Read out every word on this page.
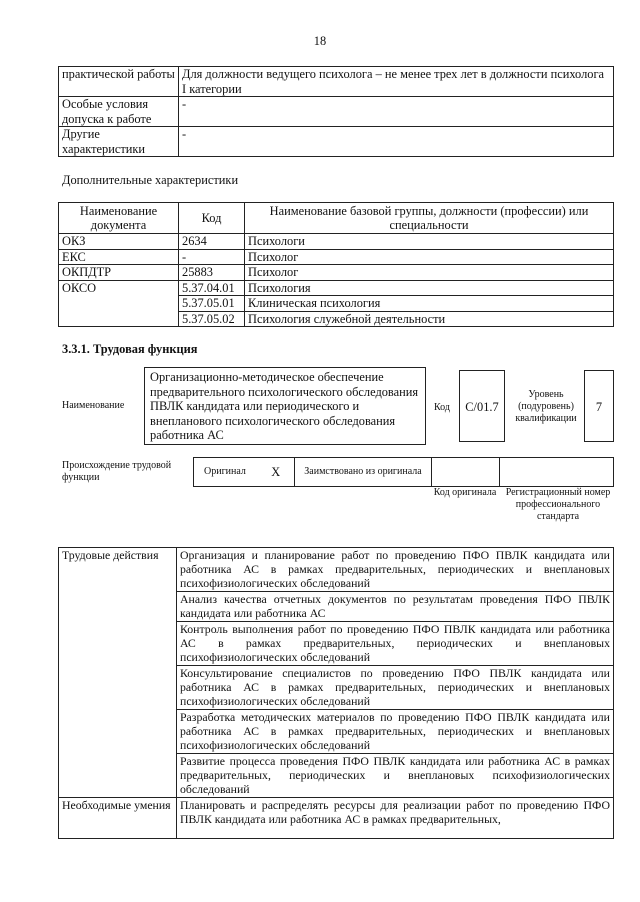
18
практической работы	Для должности ведущего психолога – не менее трех лет в должности психолога I категории
Особые условия допуска к работе	-
Другие характеристики	-
Дополнительные характеристики
Наименование документа	Код	Наименование базовой группы, должности (профессии) или специальности
ОКЗ	2634	Психологи
ЕКС	-	Психолог
ОКПДТР	25883	Психолог
ОКСО	5.37.04.01	Психология
	5.37.05.01	Клиническая психология
	5.37.05.02	Психология служебной деятельности
3.3.1. Трудовая функция
Наименование
Организационно-методическое обеспечение предварительного психологического обследования ПВЛК кандидата или периодического и внепланового психологического обследования работника АС
Код	C/01.7
Уровень (подуровень) квалификации
7
Происхождение трудовой функции
Оригинал	X	Заимствовано из оригинала		
Код оригинала Регистрационный номер профессионального стандарта
Трудовые действия	Организация и планирование работ по проведению ПФО ПВЛК кандидата или работника АС в рамках предварительных, периодических и внеплановых психофизиологических обследований
	Анализ качества отчетных документов по результатам проведения ПФО ПВЛК кандидата или работника АС
	Контроль выполнения работ по проведению ПФО ПВЛК кандидата или работника АС в рамках предварительных, периодических и внеплановых психофизиологических обследований
	Консультирование специалистов по проведению ПФО ПВЛК кандидата или работника АС в рамках предварительных, периодических и внеплановых психофизиологических обследований
	Разработка методических материалов по проведению ПФО ПВЛК кандидата или работника АС в рамках предварительных, периодических и внеплановых психофизиологических обследований
	Развитие процесса проведения ПФО ПВЛК кандидата или работника АС в рамках предварительных, периодических и внеплановых психофизиологических обследований
Необходимые умения	Планировать и распределять ресурсы для реализации работ по проведению ПФО ПВЛК кандидата или работника АС в рамках предварительных,
